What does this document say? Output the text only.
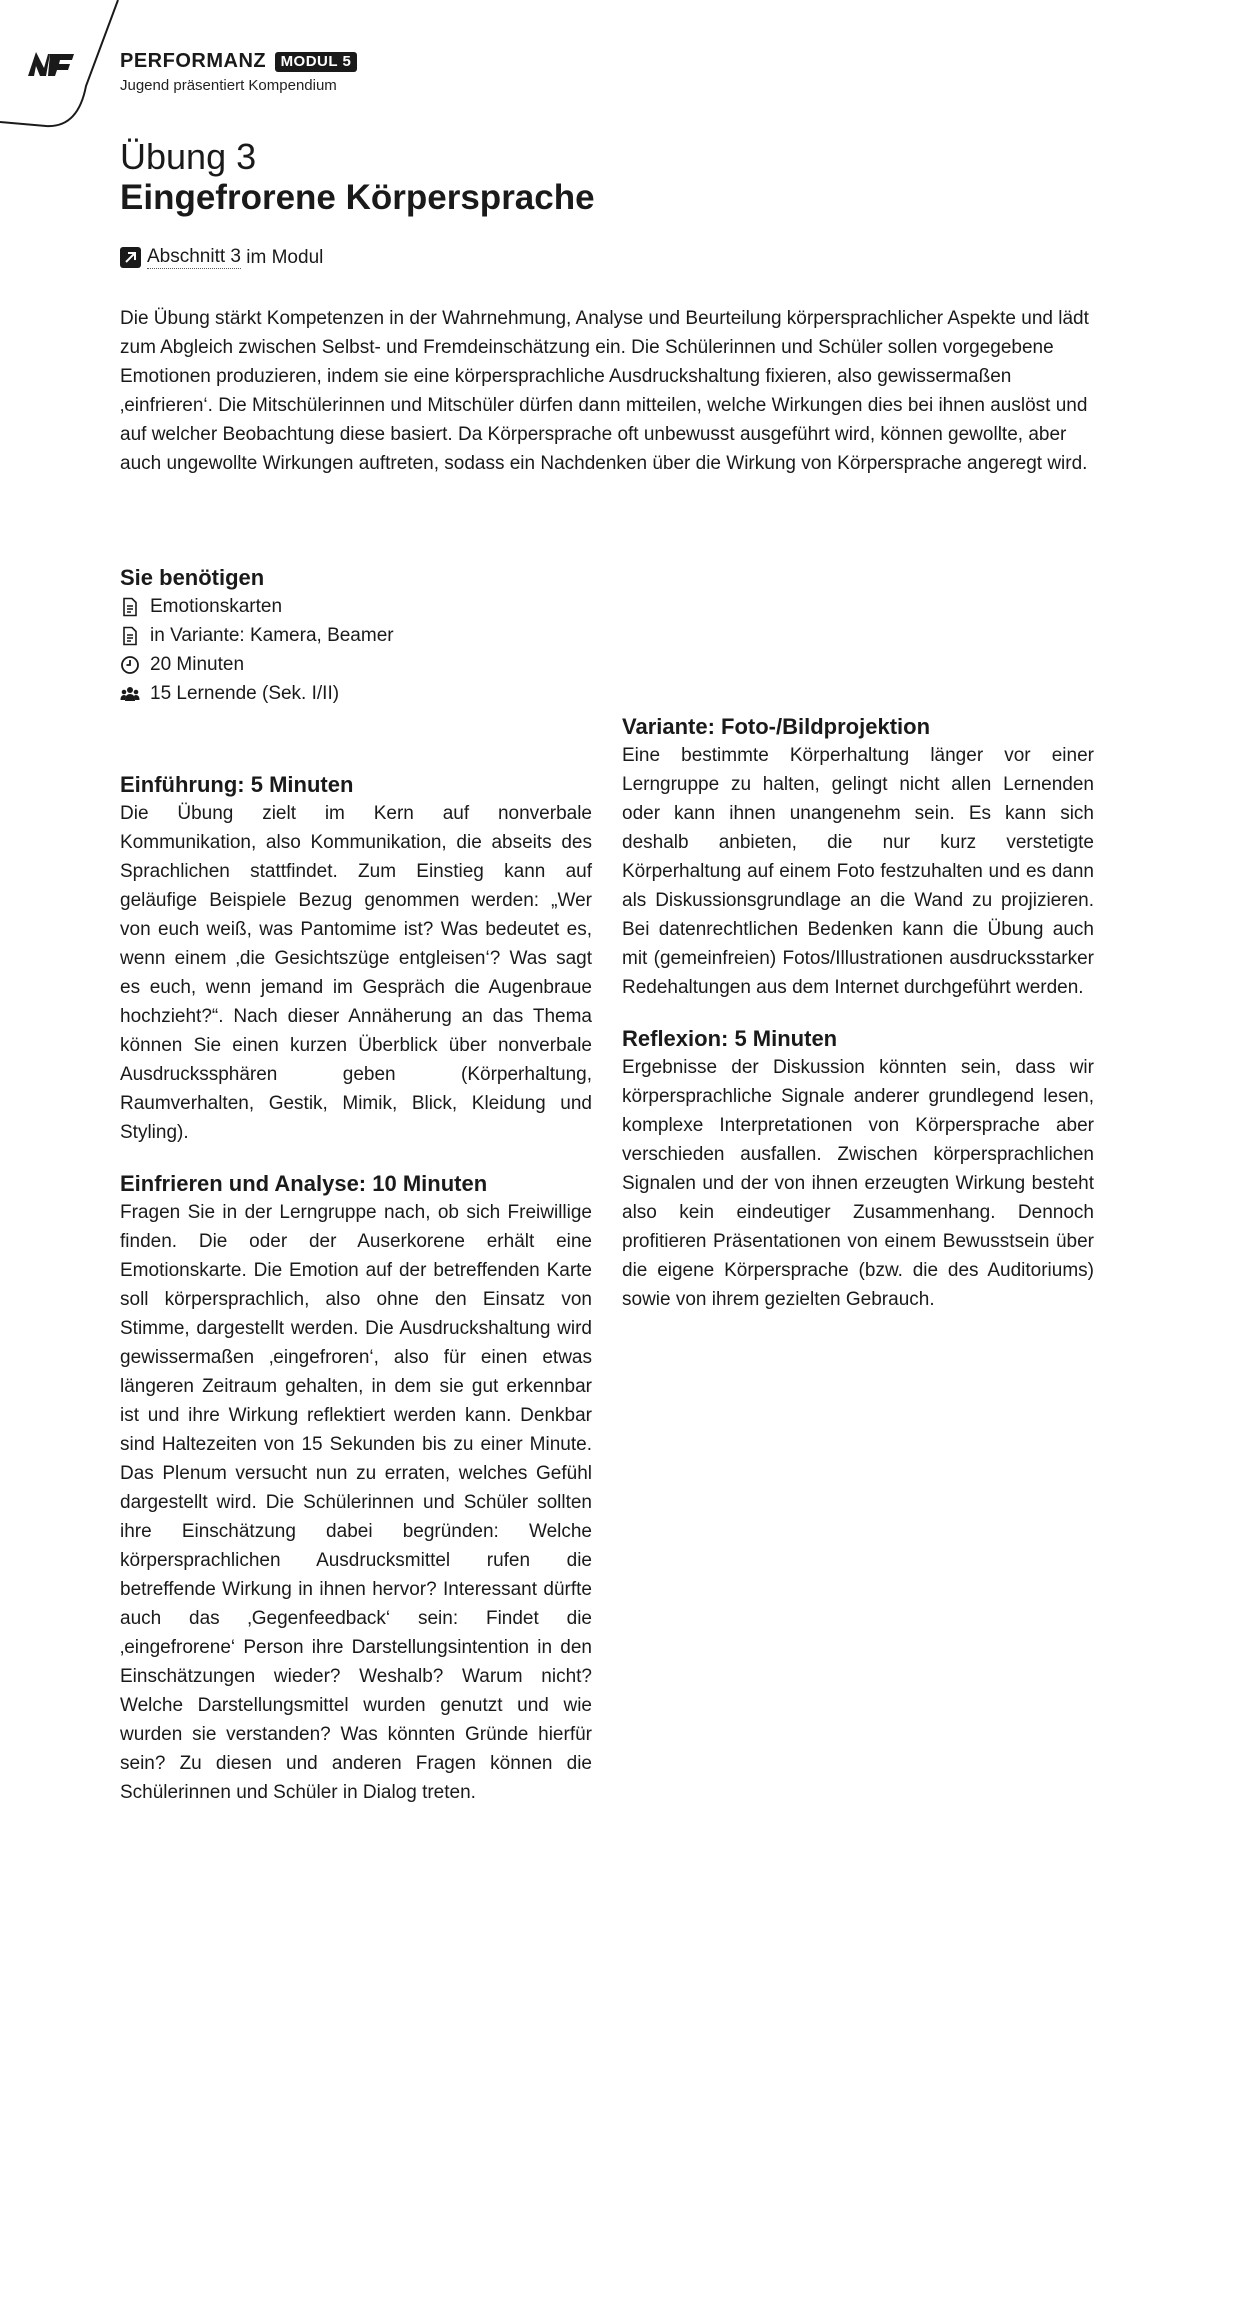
PERFORMANZ MODUL 5
Jugend präsentiert Kompendium
Übung 3
Eingefrorene Körpersprache
Abschnitt 3 im Modul

Die Übung stärkt Kompetenzen in der Wahrnehmung, Analyse und Beurteilung körpersprachlicher Aspekte und lädt zum Abgleich zwischen Selbst- und Fremdeinschätzung ein. Die Schülerinnen und Schüler sollen vorgegebene Emotionen produzieren, indem sie eine körpersprachliche Ausdruckshaltung fixieren, also gewissermaßen ‚einfrieren‘. Die Mitschülerinnen und Mitschüler dürfen dann mitteilen, welche Wirkungen dies bei ihnen auslöst und auf welcher Beobachtung diese basiert. Da Körpersprache oft unbewusst ausgeführt wird, können gewollte, aber auch ungewollte Wirkungen auftreten, sodass ein Nachdenken über die Wirkung von Körpersprache angeregt wird.

Sie benötigen
Emotionskarten
in Variante: Kamera, Beamer
20 Minuten
15 Lernende (Sek. I/II)
Einführung: 5 Minuten

Die Übung zielt im Kern auf nonverbale Kommunikation, also Kommunikation, die abseits des Sprachlichen stattfindet. Zum Einstieg kann auf geläufige Beispiele Bezug genommen werden: „Wer von euch weiß, was Pantomime ist? Was bedeutet es, wenn einem ‚die Gesichtszüge entgleisen‘? Was sagt es euch, wenn jemand im Gespräch die Augenbraue hochzieht?“. Nach dieser Annäherung an das Thema können Sie einen kurzen Überblick über nonverbale Ausdruckssphären geben (Körperhaltung, Raumverhalten, Gestik, Mimik, Blick, Kleidung und Styling).

Einfrieren und Analyse: 10 Minuten

Fragen Sie in der Lerngruppe nach, ob sich Freiwillige finden. Die oder der Auserkorene erhält eine Emotionskarte. Die Emotion auf der betreffenden Karte soll körpersprachlich, also ohne den Einsatz von Stimme, dargestellt werden. Die Ausdruckshaltung wird gewissermaßen ‚eingefroren‘, also für einen etwas längeren Zeitraum gehalten, in dem sie gut erkennbar ist und ihre Wirkung reflektiert werden kann. Denkbar sind Haltezeiten von 15 Sekunden bis zu einer Minute. Das Plenum versucht nun zu erraten, welches Gefühl dargestellt wird. Die Schülerinnen und Schüler sollten ihre Einschätzung dabei begründen: Welche körpersprachlichen Ausdrucksmittel rufen die betreffende Wirkung in ihnen hervor? Interessant dürfte auch das ‚Gegenfeedback‘ sein: Findet die ‚eingefrorene‘ Person ihre Darstellungsintention in den Einschätzungen wieder? Weshalb? Warum nicht? Welche Darstellungsmittel wurden genutzt und wie wurden sie verstanden? Was könnten Gründe hierfür sein? Zu diesen und anderen Fragen können die Schülerinnen und Schüler in Dialog treten.

Variante: Foto-/Bildprojektion

Eine bestimmte Körperhaltung länger vor einer Lerngruppe zu halten, gelingt nicht allen Lernenden oder kann ihnen unangenehm sein. Es kann sich deshalb anbieten, die nur kurz verstetigte Körperhaltung auf einem Foto festzuhalten und es dann als Diskussionsgrundlage an die Wand zu projizieren. Bei datenrechtlichen Bedenken kann die Übung auch mit (gemeinfreien) Fotos/Illustrationen ausdrucksstarker Redehaltungen aus dem Internet durchgeführt werden.

Reflexion: 5 Minuten

Ergebnisse der Diskussion könnten sein, dass wir körpersprachliche Signale anderer grundlegend lesen, komplexe Interpretationen von Körpersprache aber verschieden ausfallen. Zwischen körpersprachlichen Signalen und der von ihnen erzeugten Wirkung besteht also kein eindeutiger Zusammenhang. Dennoch profitieren Präsentationen von einem Bewusstsein über die eigene Körpersprache (bzw. die des Auditoriums) sowie von ihrem gezielten Gebrauch.
